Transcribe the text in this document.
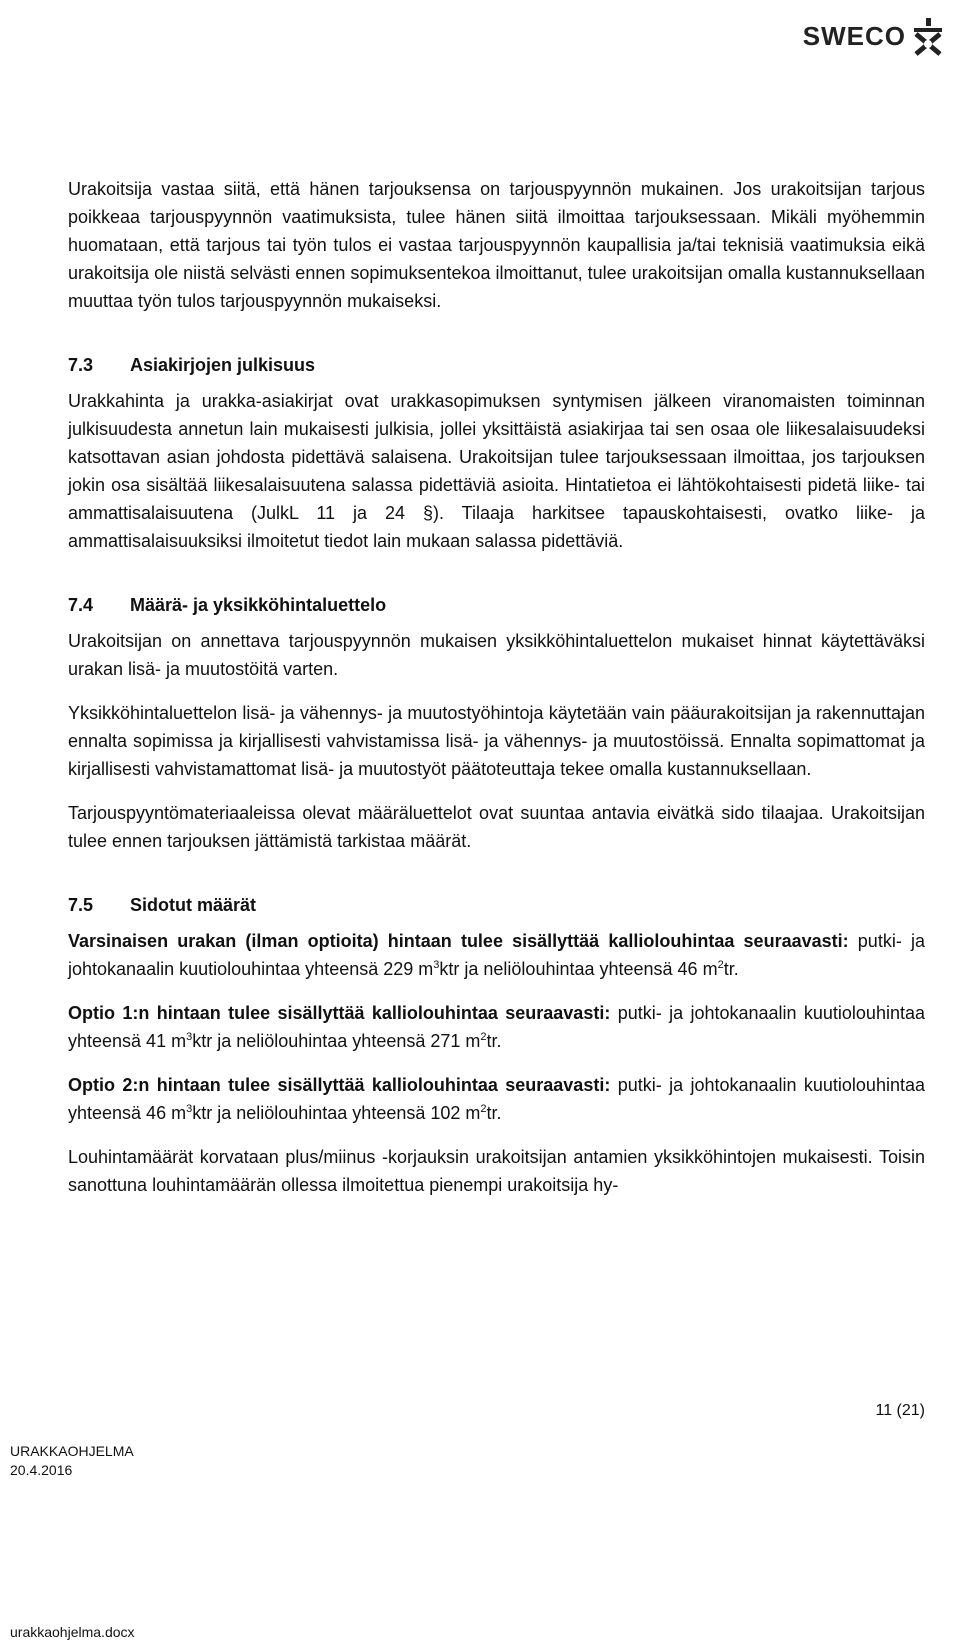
SWECO

Urakoitsija vastaa siitä, että hänen tarjouksensa on tarjouspyynnön mukainen. Jos urakoitsijan tarjous poikkeaa tarjouspyynnön vaatimuksista, tulee hänen siitä ilmoittaa tarjouksessaan. Mikäli myöhemmin huomataan, että tarjous tai työn tulos ei vastaa tarjouspyynnön kaupallisia ja/tai teknisiä vaatimuksia eikä urakoitsija ole niistä selvästi ennen sopimuksentekoa ilmoittanut, tulee urakoitsijan omalla kustannuksellaan muuttaa työn tulos tarjouspyynnön mukaiseksi.

7.3 Asiakirjojen julkisuus

Urakkahinta ja urakka-asiakirjat ovat urakkasopimuksen syntymisen jälkeen viranomaisten toiminnan julkisuudesta annetun lain mukaisesti julkisia, jollei yksittäistä asiakirjaa tai sen osaa ole liikesalaisuudeksi katsottavan asian johdosta pidettävä salaisena. Urakoitsijan tulee tarjouksessaan ilmoittaa, jos tarjouksen jokin osa sisältää liikesalaisuutena salassa pidettäviä asioita. Hintatietoa ei lähtökohtaisesti pidetä liike- tai ammattisalaisuutena (JulkL 11 ja 24 §). Tilaaja harkitsee tapauskohtaisesti, ovatko liike- ja ammattisalaisuuksiksi ilmoitetut tiedot lain mukaan salassa pidettäviä.

7.4 Määrä- ja yksikköhintaluettelo

Urakoitsijan on annettava tarjouspyynnön mukaisen yksikköhintaluettelon mukaiset hinnat käytettäväksi urakan lisä- ja muutostöitä varten.

Yksikköhintaluettelon lisä- ja vähennys- ja muutostyöhintoja käytetään vain pääurakoitsijan ja rakennuttajan ennalta sopimissa ja kirjallisesti vahvistamissa lisä- ja vähennys- ja muutostöissä. Ennalta sopimattomat ja kirjallisesti vahvistamattomat lisä- ja muutostyöt päätoteuttaja tekee omalla kustannuksellaan.

Tarjouspyyntömateriaaleissa olevat määräluettelot ovat suuntaa antavia eivätkä sido tilaajaa. Urakoitsijan tulee ennen tarjouksen jättämistä tarkistaa määrät.

7.5 Sidotut määrät

Varsinaisen urakan (ilman optioita) hintaan tulee sisällyttää kalliolouhintaa seuraavasti: putki- ja johtokanaalin kuutiolouhintaa yhteensä 229 $m^3ktr$ ja neliölouhintaa yhteensä 46 $m^2tr$.

Optio 1:n hintaan tulee sisällyttää kalliolouhintaa seuraavasti: putki- ja johtokanaalin kuutiolouhintaa yhteensä 41 $m^3ktr$ ja neliölouhintaa yhteensä 271 $m^2tr$.

Optio 2:n hintaan tulee sisällyttää kalliolouhintaa seuraavasti: putki- ja johtokanaalin kuutiolouhintaa yhteensä 46 $m^3ktr$ ja neliölouhintaa yhteensä 102 $m^2tr$.

Louhintamäärät korvataan plus/miinus -korjauksin urakoitsijan antamien yksikköhintojen mukaisesti. Toisin sanottuna louhintamäärän ollessa ilmoitettua pienempi urakoitsija hy-

11 (21)
URAKKAOHJELMA
20.4.2016
urakkaohjelma.docx
